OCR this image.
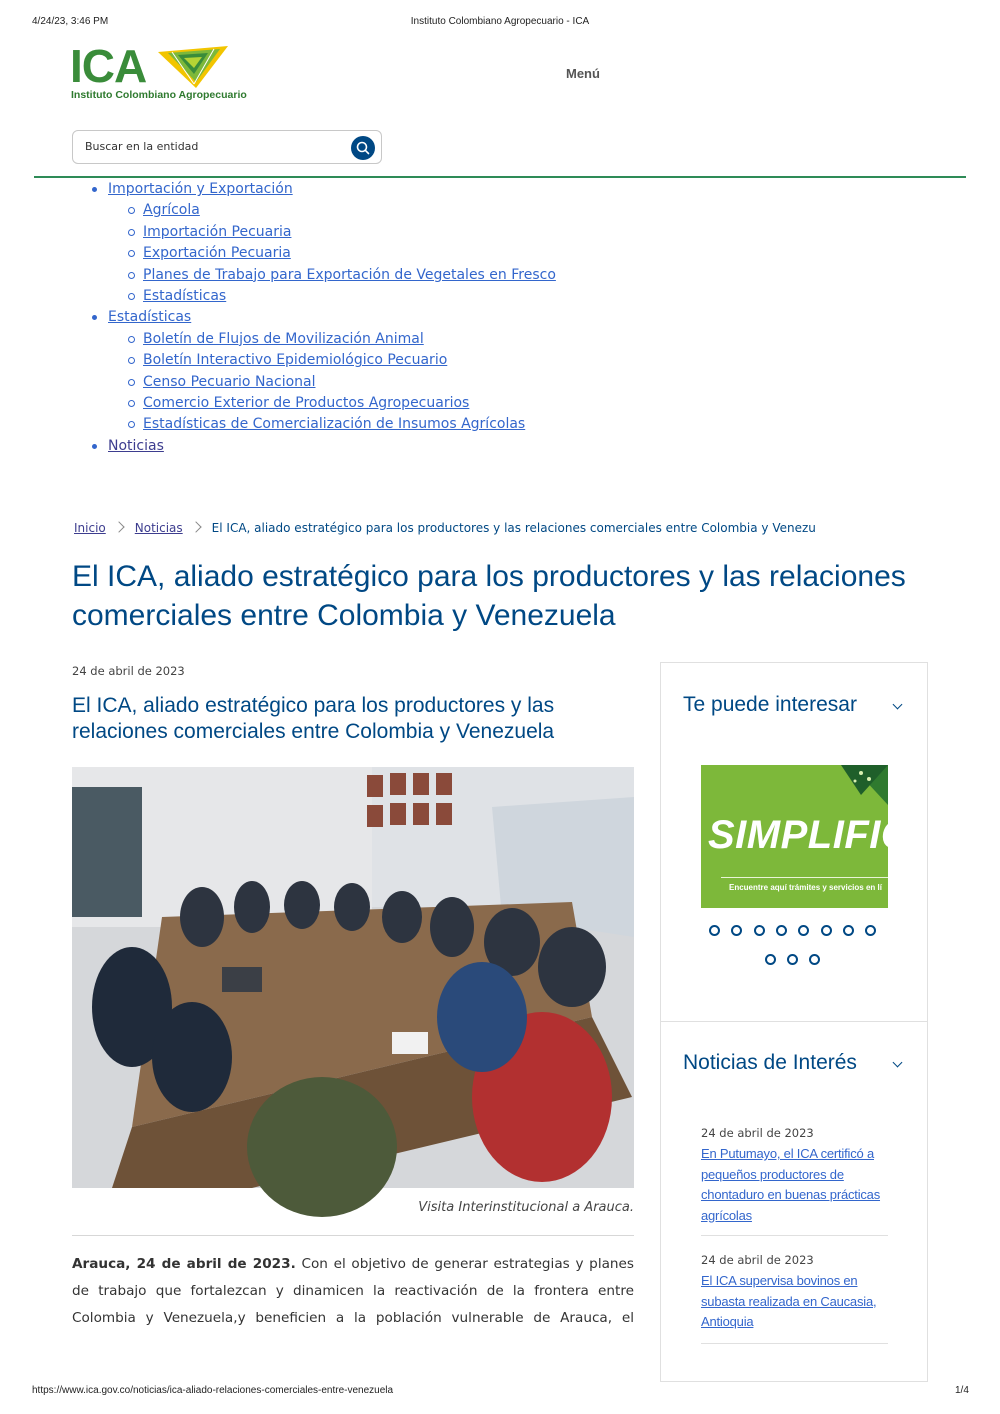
4/24/23, 3:46 PM	Instituto Colombiano Agropecuario - ICA
ICA
Instituto Colombiano Agropecuario
Menú
Buscar en la entidad
Importación y Exportación
Agrícola
Importación Pecuaria
Exportación Pecuaria
Planes de Trabajo para Exportación de Vegetales en Fresco
Estadísticas
Estadísticas
Boletín de Flujos de Movilización Animal
Boletín Interactivo Epidemiológico Pecuario
Censo Pecuario Nacional
Comercio Exterior de Productos Agropecuarios
Estadísticas de Comercialización de Insumos Agrícolas
Noticias
Inicio Noticias El ICA, aliado estratégico para los productores y las relaciones comerciales entre Colombia y Venezu
El ICA, aliado estratégico para los productores y las relaciones comerciales entre Colombia y Venezuela
24 de abril de 2023
El ICA, aliado estratégico para los productores y las relaciones comerciales entre Colombia y Venezuela
Visita Interinstitucional a Arauca.

Arauca, 24 de abril de 2023. Con el objetivo de generar estrategias y planes de trabajo que fortalezcan y dinamicen la reactivación de la frontera entre Colombia y Venezuela,y beneficien a la población vulnerable de Arauca, el

Te puede interesar
SIMPLIFIC
Encuentre aquí trámites y servicios en lí
Noticias de Interés
24 de abril de 2023
En Putumayo, el ICA certificó a pequeños productores de chontaduro en buenas prácticas agrícolas
24 de abril de 2023
El ICA supervisa bovinos en subasta realizada en Caucasia, Antioquia
https://www.ica.gov.co/noticias/ica-aliado-relaciones-comerciales-entre-venezuela	1/4
